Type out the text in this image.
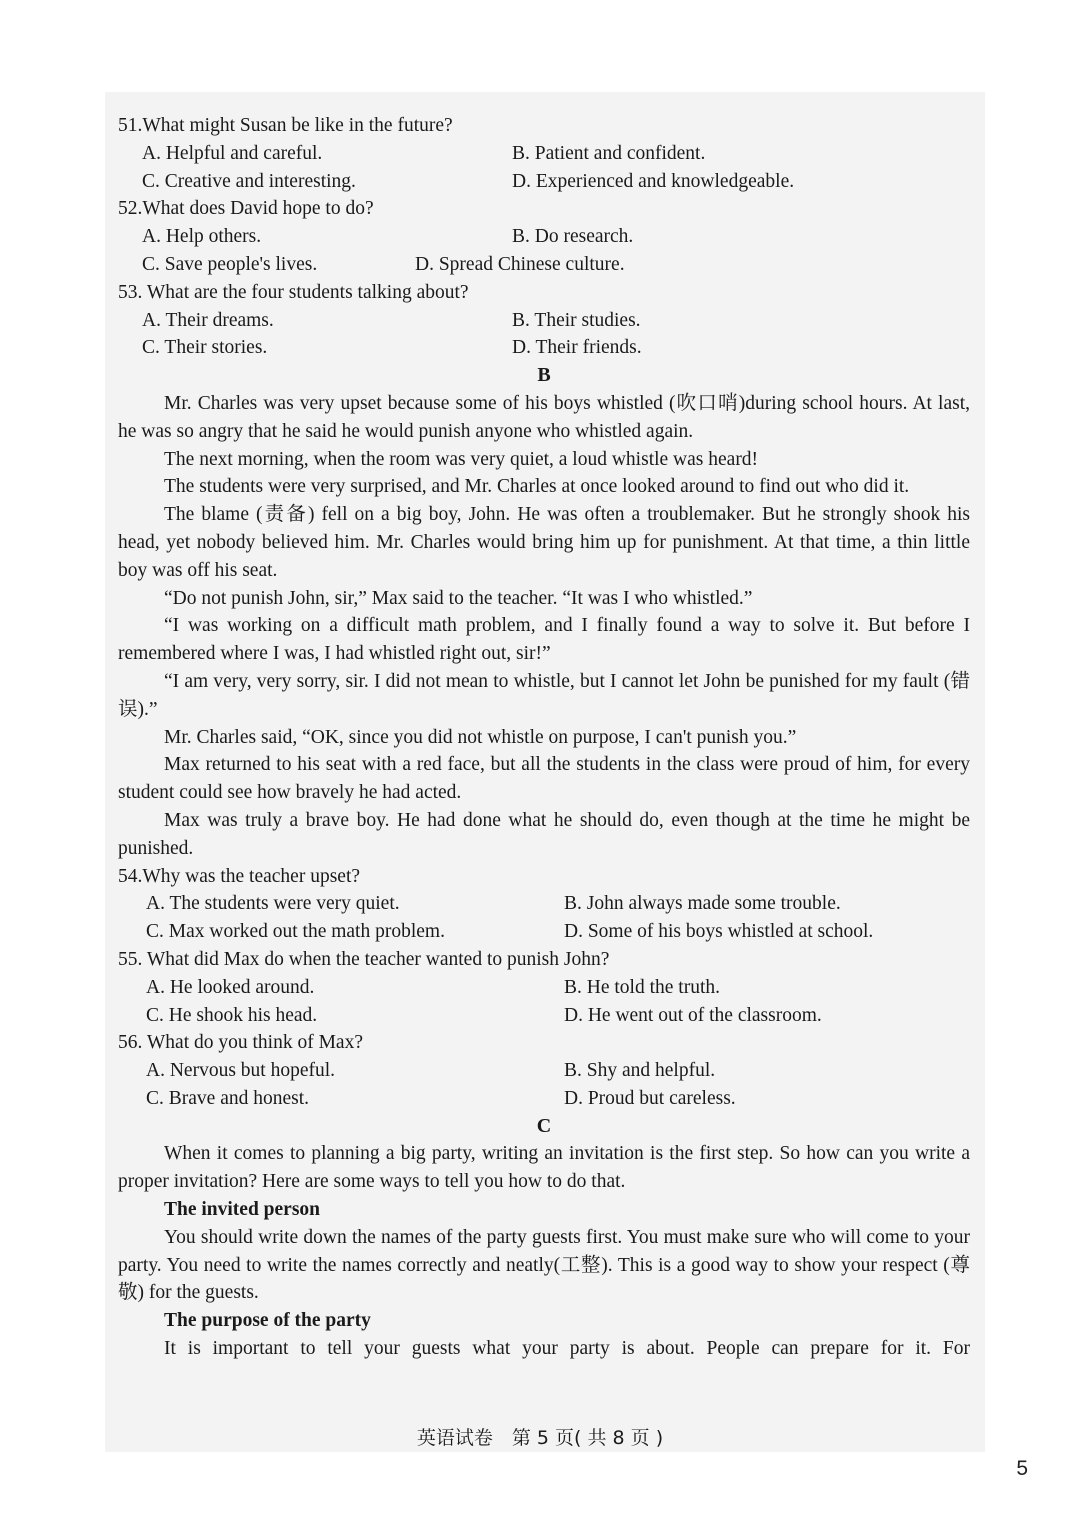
51.What might Susan be like in the future?
A. Helpful and careful.	B. Patient and confident.
C. Creative and interesting.	D. Experienced and knowledgeable.
52.What does David hope to do?
A. Help others.	B. Do research.
C. Save people's lives.	D. Spread Chinese culture.
53. What are the four students talking about?
A. Their dreams.	B. Their studies.
C. Their stories.	D. Their friends.
B

Mr. Charles was very upset because some of his boys whistled (吹口哨)during school hours. At last, he was so angry that he said he would punish anyone who whistled again.

The next morning, when the room was very quiet, a loud whistle was heard!

The students were very surprised, and Mr. Charles at once looked around to find out who did it.

The blame (责备) fell on a big boy, John. He was often a troublemaker. But he strongly shook his head, yet nobody believed him. Mr. Charles would bring him up for punishment. At that time, a thin little boy was off his seat.

“Do not punish John, sir,” Max said to the teacher. “It was I who whistled.”

“I was working on a difficult math problem, and I finally found a way to solve it. But before I remembered where I was, I had whistled right out, sir!”

“I am very, very sorry, sir. I did not mean to whistle, but I cannot let John be punished for my fault (错误).”

Mr. Charles said, “OK, since you did not whistle on purpose, I can't punish you.”

Max returned to his seat with a red face, but all the students in the class were proud of him, for every student could see how bravely he had acted.

Max was truly a brave boy. He had done what he should do, even though at the time he might be punished.

54.Why was the teacher upset?
A. The students were very quiet.	B. John always made some trouble.
C. Max worked out the math problem.	D. Some of his boys whistled at school.
55. What did Max do when the teacher wanted to punish John?
A. He looked around.	B. He told the truth.
C. He shook his head.	D. He went out of the classroom.
56. What do you think of Max?
A. Nervous but hopeful.	B. Shy and helpful.
C. Brave and honest.	D. Proud but careless.
C

When it comes to planning a big party, writing an invitation is the first step. So how can you write a proper invitation? Here are some ways to tell you how to do that.

The invited person

You should write down the names of the party guests first. You must make sure who will come to your party. You need to write the names correctly and neatly(工整). This is a good way to show your respect (尊敬) for the guests.

The purpose of the party

It is important to tell your guests what your party is about. People can prepare for it. For

英语试卷　第 5 页( 共 8 页 )
5
